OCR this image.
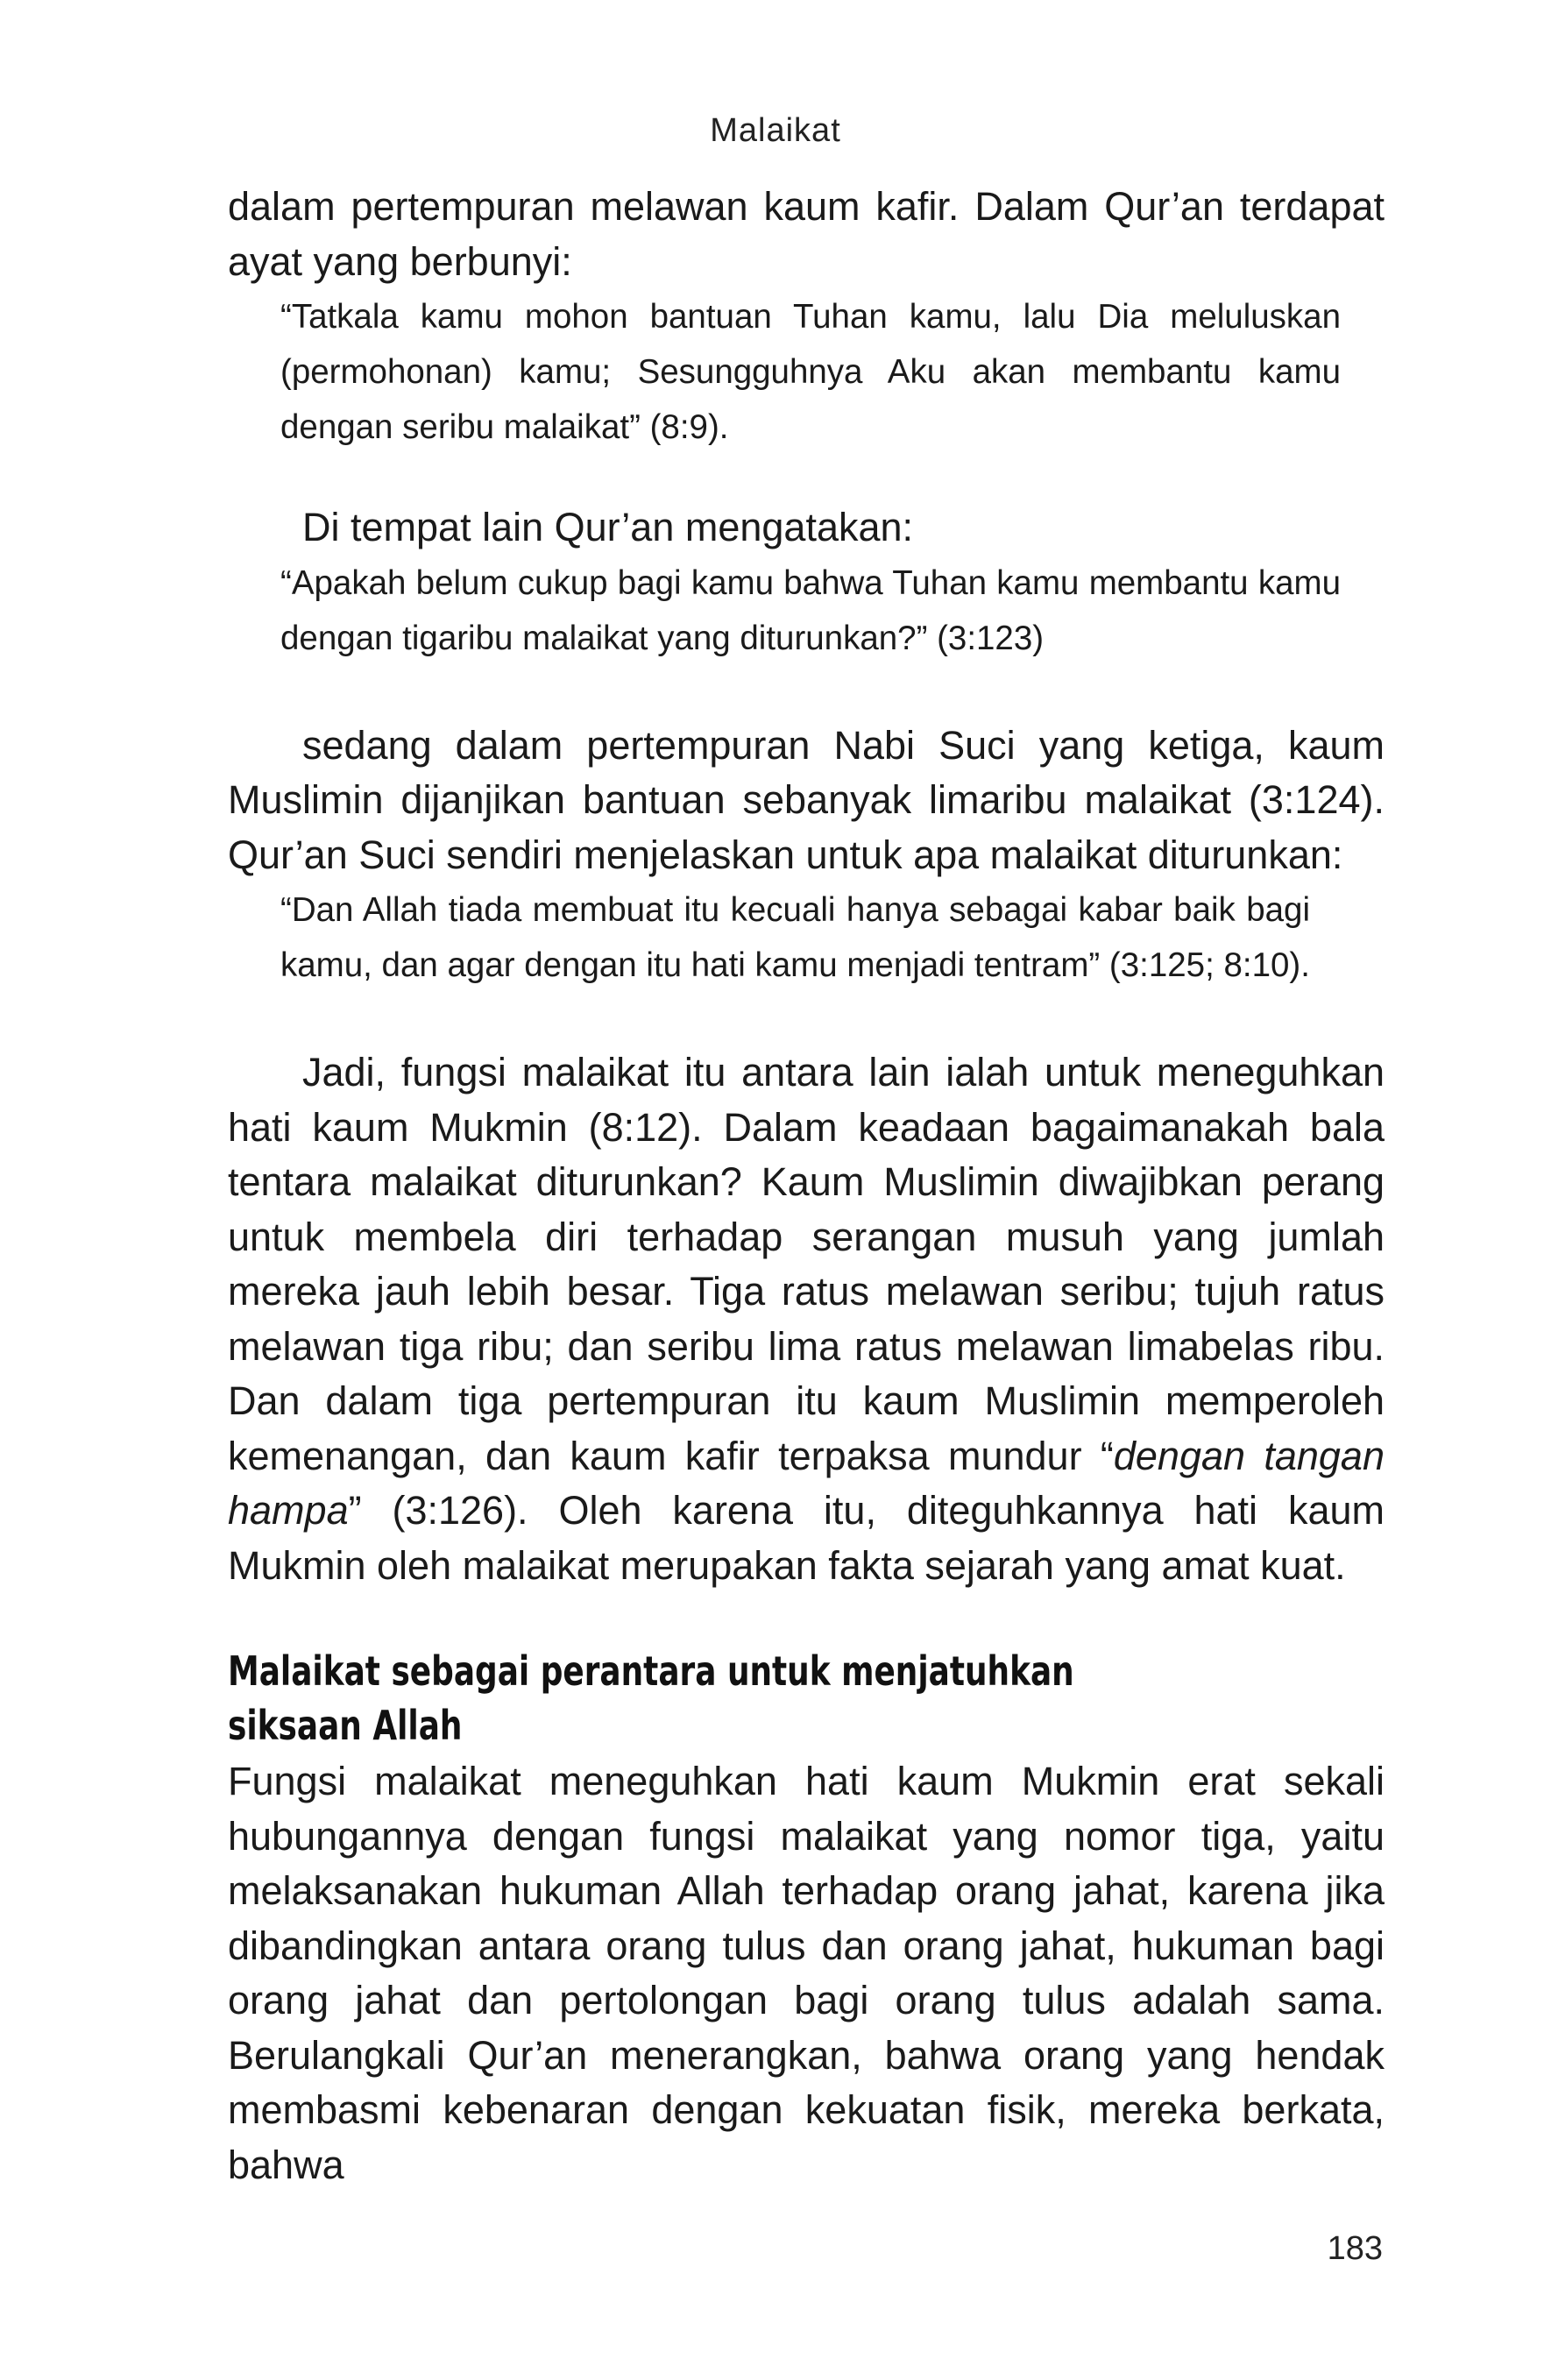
Malaikat

dalam pertempuran melawan kaum kafir. Dalam Qur’an terdapat ayat yang berbunyi:

“Tatkala kamu mohon bantuan Tuhan kamu, lalu Dia meluluskan (permohonan) kamu; Sesungguhnya Aku akan membantu kamu dengan seribu malaikat” (8:9).

Di tempat lain Qur’an mengatakan:

“Apakah belum cukup bagi kamu bahwa Tuhan kamu membantu kamu dengan tigaribu malaikat yang diturunkan?” (3:123)

sedang dalam pertempuran Nabi Suci yang ketiga, kaum Muslimin dijanjikan bantuan sebanyak limaribu malaikat (3:124). Qur’an Suci sendiri menjelaskan untuk apa malaikat diturunkan:

“Dan Allah tiada membuat itu kecuali hanya sebagai kabar baik bagi kamu, dan agar dengan itu hati kamu menjadi tentram” (3:125; 8:10).

Jadi, fungsi malaikat itu antara lain ialah untuk meneguhkan hati kaum Mukmin (8:12). Dalam keadaan bagaimanakah bala tentara malaikat diturunkan? Kaum Muslimin diwajibkan perang untuk membela diri terhadap serangan musuh yang jumlah mereka jauh lebih besar. Tiga ratus melawan seribu; tujuh ratus melawan tiga ribu; dan seribu lima ratus melawan limabelas ribu. Dan dalam tiga pertempuran itu kaum Muslimin memperoleh kemenangan, dan kaum kafir terpaksa mundur “dengan tangan hampa” (3:126). Oleh karena itu, diteguhkannya hati kaum Mukmin oleh malaikat merupakan fakta sejarah yang amat kuat.

Malaikat sebagai perantara untuk menjatuhkan
siksaan Allah

Fungsi malaikat meneguhkan hati kaum Mukmin erat sekali hubungannya dengan fungsi malaikat yang nomor tiga, yaitu melaksanakan hukuman Allah terhadap orang jahat, karena jika dibandingkan antara orang tulus dan orang jahat, hukuman bagi orang jahat dan pertolongan bagi orang tulus adalah sama. Berulangkali Qur’an menerangkan, bahwa orang yang hendak membasmi kebenaran dengan kekuatan fisik, mereka berkata, bahwa

183
